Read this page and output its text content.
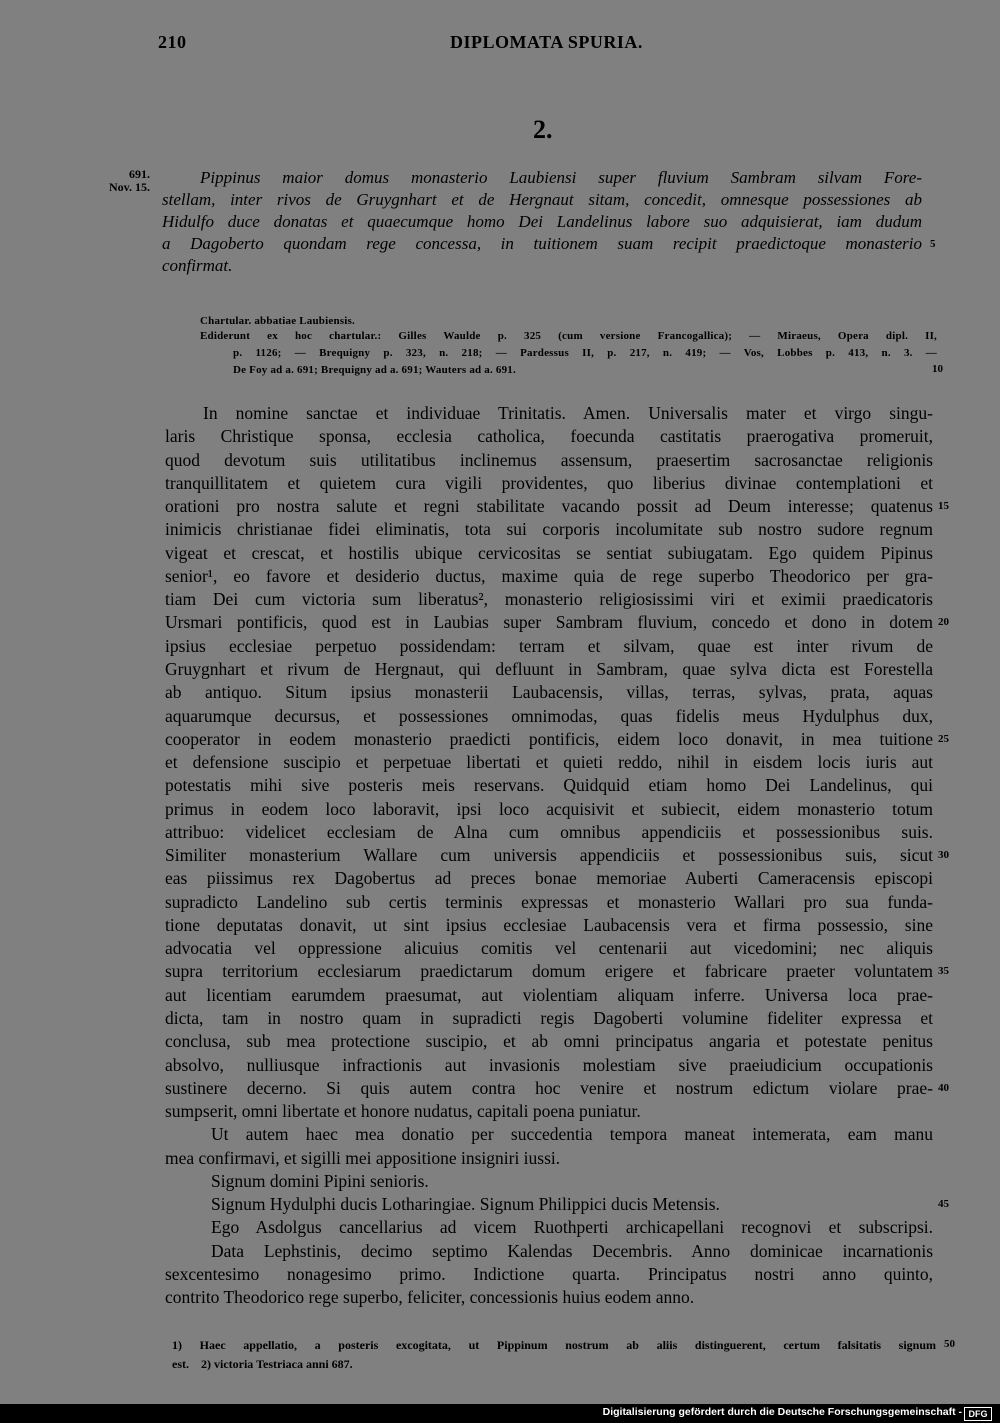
210	DIPLOMATA SPURIA.
2.
691.
Nov. 15.	Pippinus maior domus monasterio Laubiensi super fluvium Sambram silvam Fore-
stellam, inter rivos de Gruygnhart et de Hergnaut sitam, concedit, omnesque possessiones ab
Hidulfo duce donatas et quaecumque homo Dei Landelinus labore suo adquisierat, iam dudum
a Dagoberto quondam rege concessa, in tuitionem suam recipit praedictoque monasterio 5
confirmat.
Chartular. abbatiae Laubiensis.
Ediderunt ex hoc chartular.: Gilles Waulde p. 325 (cum versione Francogallica); — Miraeus, Opera dipl. II,
p. 1126; — Brequigny p. 323, n. 218; — Pardessus II, p. 217, n. 419; — Vos, Lobbes p. 413, n. 3. —
De Foy ad a. 691; Brequigny ad a. 691; Wauters ad a. 691.	10
In nomine sanctae et individuae Trinitatis. Amen. Universalis mater et virgo singu-
laris Christique sponsa, ecclesia catholica, foecunda castitatis praerogativa promeruit,
quod devotum suis utilitatibus inclinemus assensum, praesertim sacrosanctae religionis
tranquillitatem et quietem cura vigili providentes, quo liberius divinae contemplationi et
orationi pro nostra salute et regni stabilitate vacando possit ad Deum interesse; quatenus 15
inimicis christianae fidei eliminatis, tota sui corporis incolumitate sub nostro sudore regnum
vigeat et crescat, et hostilis ubique cervicositas se sentiat subiugatam. Ego quidem Pipinus
senior¹, eo favore et desiderio ductus, maxime quia de rege superbo Theodorico per gra-
tiam Dei cum victoria sum liberatus², monasterio religiosissimi viri et eximii praedicatoris
Ursmari pontificis, quod est in Laubias super Sambram fluvium, concedo et dono in dotem 20
ipsius ecclesiae perpetuo possidendam: terram et silvam, quae est inter rivum de
Gruygnhart et rivum de Hergnaut, qui defluunt in Sambram, quae sylva dicta est Forestella
ab antiquo. Situm ipsius monasterii Laubacensis, villas, terras, sylvas, prata, aquas
aquarumque decursus, et possessiones omnimodas, quas fidelis meus Hydulphus dux,
cooperator in eodem monasterio praedicti pontificis, eidem loco donavit, in mea tuitione 25
et defensione suscipio et perpetuae libertati et quieti reddo, nihil in eisdem locis iuris aut
potestatis mihi sive posteris meis reservans. Quidquid etiam homo Dei Landelinus, qui
primus in eodem loco laboravit, ipsi loco acquisivit et subiecit, eidem monasterio totum
attribuo: videlicet ecclesiam de Alna cum omnibus appendiciis et possessionibus suis.
Similiter monasterium Wallare cum universis appendiciis et possessionibus suis, sicut 30
eas piissimus rex Dagobertus ad preces bonae memoriae Auberti Cameracensis episcopi
supradicto Landelino sub certis terminis expressas et monasterio Wallari pro sua funda-
tione deputatas donavit, ut sint ipsius ecclesiae Laubacensis vera et firma possessio, sine
advocatia vel oppressione alicuius comitis vel centenarii aut vicedomini; nec aliquis
supra territorium ecclesiarum praedictarum domum erigere et fabricare praeter voluntatem 35
aut licentiam earumdem praesumat, aut violentiam aliquam inferre. Universa loca prae-
dicta, tam in nostro quam in supradicti regis Dagoberti volumine fideliter expressa et
conclusa, sub mea protectione suscipio, et ab omni principatus angaria et potestate penitus
absolvo, nulliusque infractionis aut invasionis molestiam sive praeiudicium occupationis
sustinere decerno. Si quis autem contra hoc venire et nostrum edictum violare prae- 40
sumpserit, omni libertate et honore nudatus, capitali poena puniatur.
Ut autem haec mea donatio per succedentia tempora maneat intemerata, eam manu
mea confirmavi, et sigilli mei appositione insigniri iussi.
Signum domini Pipini senioris.
Signum Hydulphi ducis Lotharingiae. Signum Philippici ducis Metensis.	45
Ego Asdolgus cancellarius ad vicem Ruothperti archicapellani recognovi et subscripsi.
Data Lephstinis, decimo septimo Kalendas Decembris. Anno dominicae incarnationis
sexcentesimo nonagesimo primo. Indictione quarta. Principatus nostri anno quinto,
contrito Theodorico rege superbo, feliciter, concessionis huius eodem anno.
1) Haec appellatio, a posteris excogitata, ut Pippinum nostrum ab aliis distinguerent, certum falsitatis signum 50
est.    2) victoria Testriaca anni 687.
Digitalisierung gefördert durch die Deutsche Forschungsgemeinschaft - DFG
